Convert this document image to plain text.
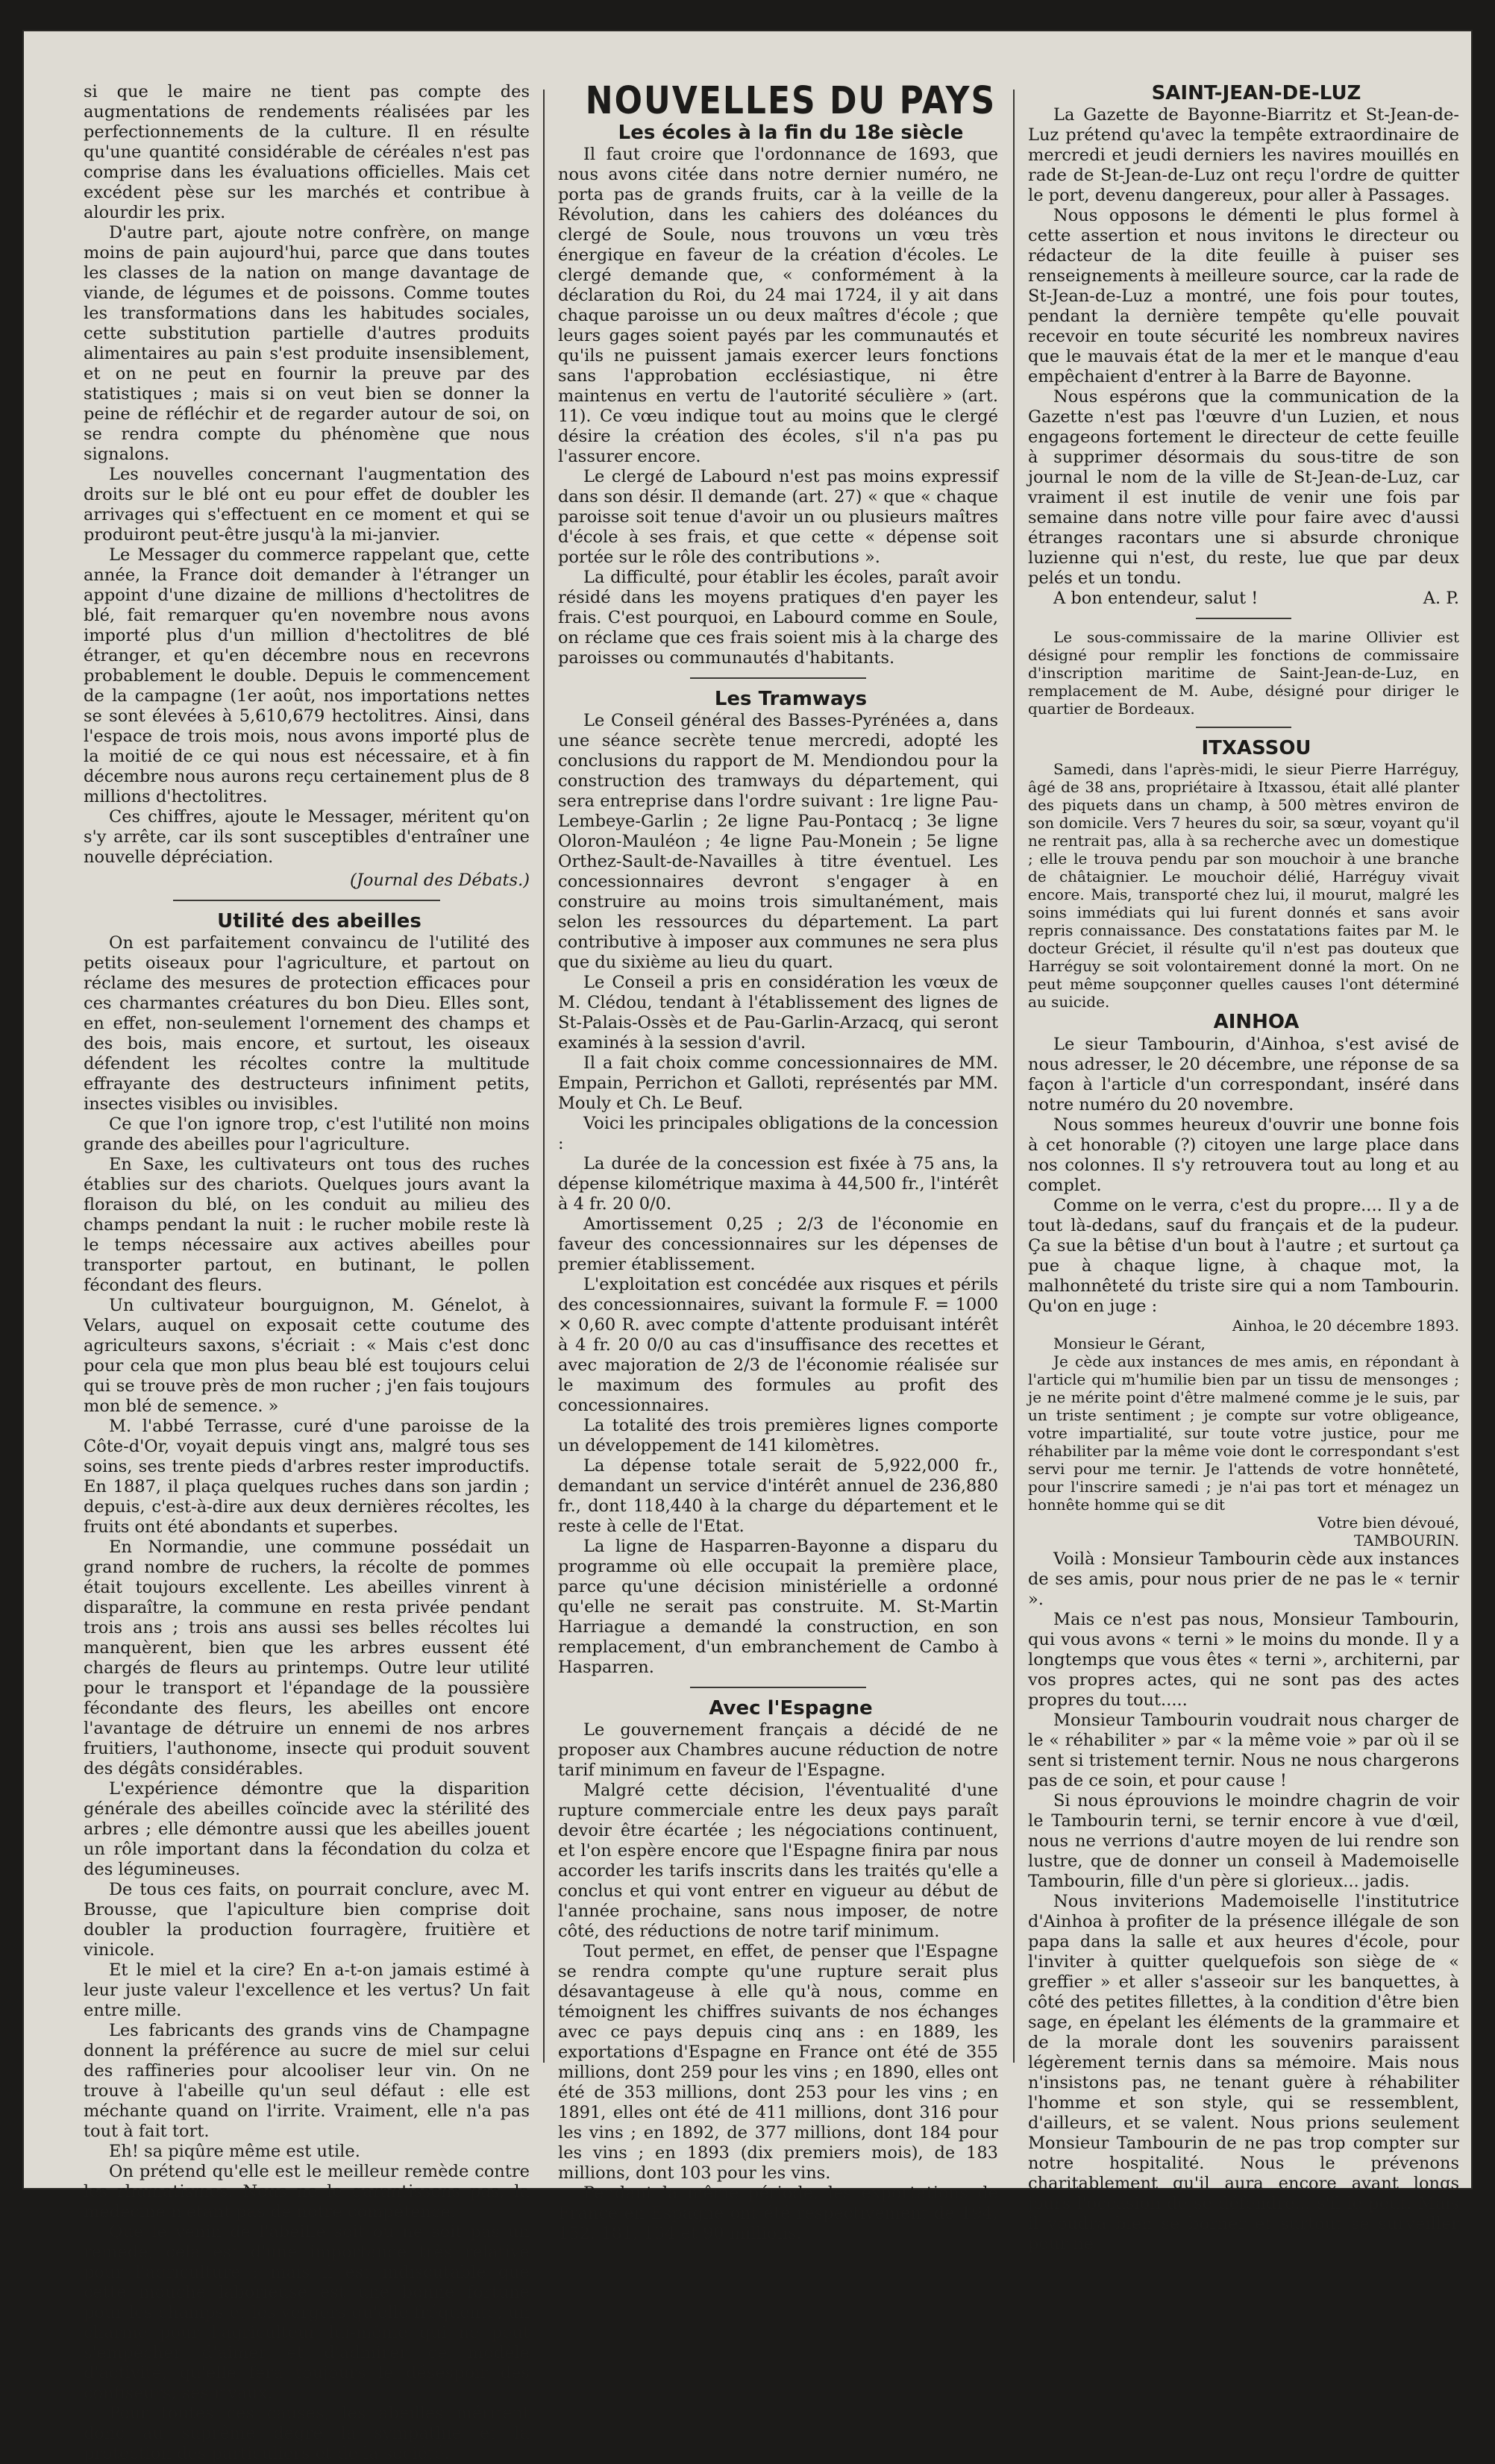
si que le maire ne tient pas compte des augmentations de rendements réalisées par les perfectionnements de la culture. Il en résulte qu'une quantité considérable de céréales n'est pas comprise dans les évaluations officielles. Mais cet excédent pèse sur les marchés et contribue à alourdir les prix.

D'autre part, ajoute notre confrère, on mange moins de pain aujourd'hui, parce que dans toutes les classes de la nation on mange davantage de viande, de légumes et de poissons. Comme toutes les transformations dans les habitudes sociales, cette substitution partielle d'autres produits alimentaires au pain s'est produite insensiblement, et on ne peut en fournir la preuve par des statistiques ; mais si on veut bien se donner la peine de réfléchir et de regarder autour de soi, on se rendra compte du phénomène que nous signalons.

Les nouvelles concernant l'augmentation des droits sur le blé ont eu pour effet de doubler les arrivages qui s'effectuent en ce moment et qui se produiront peut-être jusqu'à la mi-janvier.

Le Messager du commerce rappelant que, cette année, la France doit demander à l'étranger un appoint d'une dizaine de millions d'hectolitres de blé, fait remarquer qu'en novembre nous avons importé plus d'un million d'hectolitres de blé étranger, et qu'en décembre nous en recevrons probablement le double. Depuis le commencement de la campagne (1er août, nos importations nettes se sont élevées à 5,610,679 hectolitres. Ainsi, dans l'espace de trois mois, nous avons importé plus de la moitié de ce qui nous est nécessaire, et à fin décembre nous aurons reçu certainement plus de 8 millions d'hectolitres.

Ces chiffres, ajoute le Messager, méritent qu'on s'y arrête, car ils sont susceptibles d'entraîner une nouvelle dépréciation.

(Journal des Débats.)

Utilité des abeilles

On est parfaitement convaincu de l'utilité des petits oiseaux pour l'agriculture, et partout on réclame des mesures de protection efficaces pour ces charmantes créatures du bon Dieu. Elles sont, en effet, non-seulement l'ornement des champs et des bois, mais encore, et surtout, les oiseaux défendent les récoltes contre la multitude effrayante des destructeurs infiniment petits, insectes visibles ou invisibles.

Ce que l'on ignore trop, c'est l'utilité non moins grande des abeilles pour l'agriculture.

En Saxe, les cultivateurs ont tous des ruches établies sur des chariots. Quelques jours avant la floraison du blé, on les conduit au milieu des champs pendant la nuit : le rucher mobile reste là le temps nécessaire aux actives abeilles pour transporter partout, en butinant, le pollen fécondant des fleurs.

Un cultivateur bourguignon, M. Génelot, à Velars, auquel on exposait cette coutume des agriculteurs saxons, s'écriait : « Mais c'est donc pour cela que mon plus beau blé est toujours celui qui se trouve près de mon rucher ; j'en fais toujours mon blé de semence. »

M. l'abbé Terrasse, curé d'une paroisse de la Côte-d'Or, voyait depuis vingt ans, malgré tous ses soins, ses trente pieds d'arbres rester improductifs. En 1887, il plaça quelques ruches dans son jardin ; depuis, c'est-à-dire aux deux dernières récoltes, les fruits ont été abondants et superbes.

En Normandie, une commune possédait un grand nombre de ruchers, la récolte de pommes était toujours excellente. Les abeilles vinrent à disparaître, la commune en resta privée pendant trois ans ; trois ans aussi ses belles récoltes lui manquèrent, bien que les arbres eussent été chargés de fleurs au printemps. Outre leur utilité pour le transport et l'épandage de la poussière fécondante des fleurs, les abeilles ont encore l'avantage de détruire un ennemi de nos arbres fruitiers, l'authonome, insecte qui produit souvent des dégâts considérables.

L'expérience démontre que la disparition générale des abeilles coïncide avec la stérilité des arbres ; elle démontre aussi que les abeilles jouent un rôle important dans la fécondation du colza et des légumineuses.

De tous ces faits, on pourrait conclure, avec M. Brousse, que l'apiculture bien comprise doit doubler la production fourragère, fruitière et vinicole.

Et le miel et la cire? En a-t-on jamais estimé à leur juste valeur l'excellence et les vertus? Un fait entre mille.

Les fabricants des grands vins de Champagne donnent la préférence au sucre de miel sur celui des raffineries pour alcooliser leur vin. On ne trouve à l'abeille qu'un seul défaut : elle est méchante quand on l'irrite. Vraiment, elle n'a pas tout à fait tort.

Eh! sa piqûre même est utile.

On prétend qu'elle est le meilleur remède contre les rhumatismes. Nous ne le garantissons pas, la médecine n'étant pas de notre compétence.

Que le venin de l'abeille soit ou ne soit pas un remède, cela est d'une importance très relative pour l'agriculture ; mais il est indiscutable que cette mouche laborieuse est une bonne fortune pour les champs et les vergers qu'elle fréquente, un charme pour l'agriculteur lui-même qui ne peut s'empêcher d'aimer et d'admirer ce modèle d'activité, qu'elle fera toujours le désespoir des confiseurs, ses rivaux.

Pour toutes ces causes, les abeilles méritent donc au suprême degré la sympathie et la protection des particuliers et de la société.

NOUVELLES DU PAYS

Les écoles à la fin du 18e siècle

Il faut croire que l'ordonnance de 1693, que nous avons citée dans notre dernier numéro, ne porta pas de grands fruits, car à la veille de la Révolution, dans les cahiers des doléances du clergé de Soule, nous trouvons un vœu très énergique en faveur de la création d'écoles. Le clergé demande que, « conformément à la déclaration du Roi, du 24 mai 1724, il y ait dans chaque paroisse un ou deux maîtres d'école ; que leurs gages soient payés par les communautés et qu'ils ne puissent jamais exercer leurs fonctions sans l'approbation ecclésiastique, ni être maintenus en vertu de l'autorité séculière » (art. 11). Ce vœu indique tout au moins que le clergé désire la création des écoles, s'il n'a pas pu l'assurer encore.

Le clergé de Labourd n'est pas moins expressif dans son désir. Il demande (art. 27) « que « chaque paroisse soit tenue d'avoir un ou plusieurs maîtres d'école à ses frais, et que cette « dépense soit portée sur le rôle des contributions ».

La difficulté, pour établir les écoles, paraît avoir résidé dans les moyens pratiques d'en payer les frais. C'est pourquoi, en Labourd comme en Soule, on réclame que ces frais soient mis à la charge des paroisses ou communautés d'habitants.

Les Tramways

Le Conseil général des Basses-Pyrénées a, dans une séance secrète tenue mercredi, adopté les conclusions du rapport de M. Mendiondou pour la construction des tramways du département, qui sera entreprise dans l'ordre suivant : 1re ligne Pau-Lembeye-Garlin ; 2e ligne Pau-Pontacq ; 3e ligne Oloron-Mauléon ; 4e ligne Pau-Monein ; 5e ligne Orthez-Sault-de-Navailles à titre éventuel. Les concessionnaires devront s'engager à en construire au moins trois simultanément, mais selon les ressources du département. La part contributive à imposer aux communes ne sera plus que du sixième au lieu du quart.

Le Conseil a pris en considération les vœux de M. Clédou, tendant à l'établissement des lignes de St-Palais-Ossès et de Pau-Garlin-Arzacq, qui seront examinés à la session d'avril.

Il a fait choix comme concessionnaires de MM. Empain, Perrichon et Galloti, représentés par MM. Mouly et Ch. Le Beuf.

Voici les principales obligations de la concession :

La durée de la concession est fixée à 75 ans, la dépense kilométrique maxima à 44,500 fr., l'intérêt à 4 fr. 20 0/0.

Amortissement 0,25 ; 2/3 de l'économie en faveur des concessionnaires sur les dépenses de premier établissement.

L'exploitation est concédée aux risques et périls des concessionnaires, suivant la formule F. = 1000 × 0,60 R. avec compte d'attente produisant intérêt à 4 fr. 20 0/0 au cas d'insuffisance des recettes et avec majoration de 2/3 de l'économie réalisée sur le maximum des formules au profit des concessionnaires.

La totalité des trois premières lignes comporte un développement de 141 kilomètres.

La dépense totale serait de 5,922,000 fr., demandant un service d'intérêt annuel de 236,880 fr., dont 118,440 à la charge du département et le reste à celle de l'Etat.

La ligne de Hasparren-Bayonne a disparu du programme où elle occupait la première place, parce qu'une décision ministérielle a ordonné qu'elle ne serait pas construite. M. St-Martin Harriague a demandé la construction, en son remplacement, d'un embranchement de Cambo à Hasparren.

Avec l'Espagne

Le gouvernement français a décidé de ne proposer aux Chambres aucune réduction de notre tarif minimum en faveur de l'Espagne.

Malgré cette décision, l'éventualité d'une rupture commerciale entre les deux pays paraît devoir être écartée ; les négociations continuent, et l'on espère encore que l'Espagne finira par nous accorder les tarifs inscrits dans les traités qu'elle a conclus et qui vont entrer en vigueur au début de l'année prochaine, sans nous imposer, de notre côté, des réductions de notre tarif minimum.

Tout permet, en effet, de penser que l'Espagne se rendra compte qu'une rupture serait plus désavantageuse à elle qu'à nous, comme en témoignent les chiffres suivants de nos échanges avec ce pays depuis cinq ans : en 1889, les exportations d'Espagne en France ont été de 355 millions, dont 259 pour les vins ; en 1890, elles ont été de 353 millions, dont 253 pour les vins ; en 1891, elles ont été de 411 millions, dont 316 pour les vins ; en 1892, de 377 millions, dont 184 pour les vins ; en 1893 (dix premiers mois), de 183 millions, dont 103 pour les vins.

Pendant la même période, les exportations de France en Espagne ont été respectivement de 194, 152, 181, 134 et 90 millions.

SAINT-JEAN-DE-LUZ

La Gazette de Bayonne-Biarritz et St-Jean-de-Luz prétend qu'avec la tempête extraordinaire de mercredi et jeudi derniers les navires mouillés en rade de St-Jean-de-Luz ont reçu l'ordre de quitter le port, devenu dangereux, pour aller à Passages.

Nous opposons le démenti le plus formel à cette assertion et nous invitons le directeur ou rédacteur de la dite feuille à puiser ses renseignements à meilleure source, car la rade de St-Jean-de-Luz a montré, une fois pour toutes, pendant la dernière tempête qu'elle pouvait recevoir en toute sécurité les nombreux navires que le mauvais état de la mer et le manque d'eau empêchaient d'entrer à la Barre de Bayonne.

Nous espérons que la communication de la Gazette n'est pas l'œuvre d'un Luzien, et nous engageons fortement le directeur de cette feuille à supprimer désormais du sous-titre de son journal le nom de la ville de St-Jean-de-Luz, car vraiment il est inutile de venir une fois par semaine dans notre ville pour faire avec d'aussi étranges racontars une si absurde chronique luzienne qui n'est, du reste, lue que par deux pelés et un tondu.

A bon entendeur, salut !	A. P.

Le sous-commissaire de la marine Ollivier est désigné pour remplir les fonctions de commissaire d'inscription maritime de Saint-Jean-de-Luz, en remplacement de M. Aube, désigné pour diriger le quartier de Bordeaux.

ITXASSOU

Samedi, dans l'après-midi, le sieur Pierre Harréguy, âgé de 38 ans, propriétaire à Itxassou, était allé planter des piquets dans un champ, à 500 mètres environ de son domicile. Vers 7 heures du soir, sa sœur, voyant qu'il ne rentrait pas, alla à sa recherche avec un domestique ; elle le trouva pendu par son mouchoir à une branche de châtaignier. Le mouchoir délié, Harréguy vivait encore. Mais, transporté chez lui, il mourut, malgré les soins immédiats qui lui furent donnés et sans avoir repris connaissance. Des constatations faites par M. le docteur Gréciet, il résulte qu'il n'est pas douteux que Harréguy se soit volontairement donné la mort. On ne peut même soupçonner quelles causes l'ont déterminé au suicide.

AINHOA

Le sieur Tambourin, d'Ainhoa, s'est avisé de nous adresser, le 20 décembre, une réponse de sa façon à l'article d'un correspondant, inséré dans notre numéro du 20 novembre.

Nous sommes heureux d'ouvrir une bonne fois à cet honorable (?) citoyen une large place dans nos colonnes. Il s'y retrouvera tout au long et au complet.

Comme on le verra, c'est du propre.... Il y a de tout là-dedans, sauf du français et de la pudeur. Ça sue la bêtise d'un bout à l'autre ; et surtout ça pue à chaque ligne, à chaque mot, la malhonnêteté du triste sire qui a nom Tambourin. Qu'on en juge :

Ainhoa, le 20 décembre 1893.

Monsieur le Gérant,

Je cède aux instances de mes amis, en répondant à l'article qui m'humilie bien par un tissu de mensonges ; je ne mérite point d'être malmené comme je le suis, par un triste sentiment ; je compte sur votre obligeance, votre impartialité, sur toute votre justice, pour me réhabiliter par la même voie dont le correspondant s'est servi pour me ternir. Je l'attends de votre honnêteté, pour l'inscrire samedi ; je n'ai pas tort et ménagez un honnête homme qui se dit

Votre bien dévoué,

TAMBOURIN.

Voilà : Monsieur Tambourin cède aux instances de ses amis, pour nous prier de ne pas le « ternir ».

Mais ce n'est pas nous, Monsieur Tambourin, qui vous avons « terni » le moins du monde. Il y a longtemps que vous êtes « terni », architerni, par vos propres actes, qui ne sont pas des actes propres du tout.....

Monsieur Tambourin voudrait nous charger de le « réhabiliter » par « la même voie » par où il se sent si tristement ternir. Nous ne nous chargerons pas de ce soin, et pour cause !

Si nous éprouvions le moindre chagrin de voir le Tambourin terni, se ternir encore à vue d'œil, nous ne verrions d'autre moyen de lui rendre son lustre, que de donner un conseil à Mademoiselle Tambourin, fille d'un père si glorieux... jadis.

Nous inviterions Mademoiselle l'institutrice d'Ainhoa à profiter de la présence illégale de son papa dans la salle et aux heures d'école, pour l'inviter à quitter quelquefois son siège de « greffier » et aller s'asseoir sur les banquettes, à côté des petites fillettes, à la condition d'être bien sage, en épelant les éléments de la grammaire et de la morale dont les souvenirs paraissent légèrement ternis dans sa mémoire. Mais nous n'insistons pas, ne tenant guère à réhabiliter l'homme et son style, qui se ressemblent, d'ailleurs, et se valent. Nous prions seulement Monsieur Tambourin de ne pas trop compter sur notre hospitalité. Nous le prévenons charitablement qu'il aura encore avant longs jours l'occasion de se défendre... s'il le peut. Mais il voudra bien se borner et surtout se surveiller pour ne
